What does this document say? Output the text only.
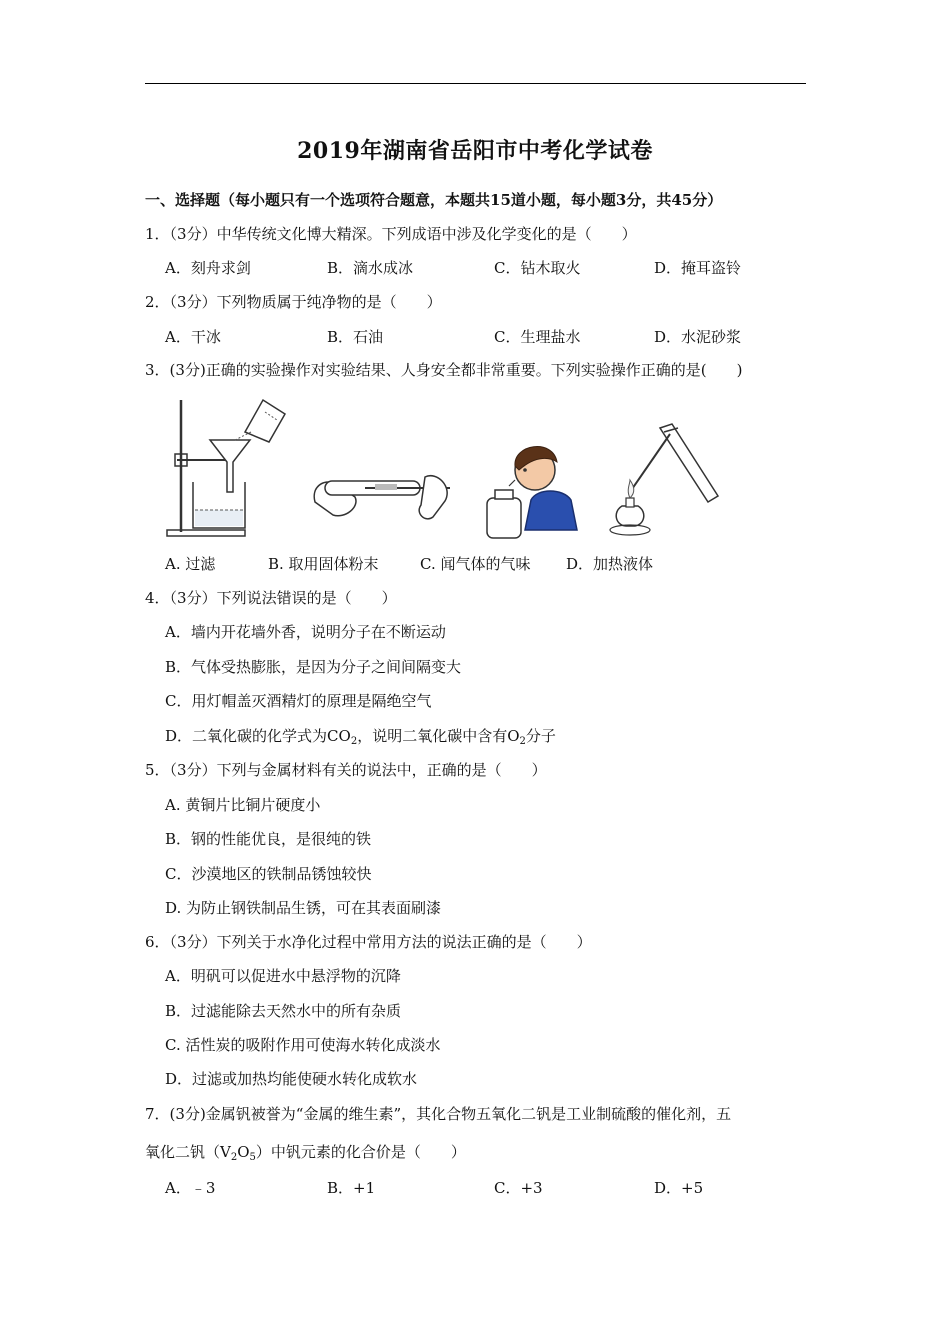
2019年湖南省岳阳市中考化学试卷
一、选择题（每小题只有一个选项符合题意，本题共15道小题，每小题3分，共45分）
1．（3分）中华传统文化博大精深。下列成语中涉及化学变化的是（　　）
A．刻舟求剑	B．滴水成冰	C．钻木取火	D．掩耳盗铃
2．（3分）下列物质属于纯净物的是（　　）
A．干冰	B．石油	C．生理盐水	D．水泥砂浆
3．(3分)正确的实验操作对实验结果、人身安全都非常重要。下列实验操作正确的是(　　)
A. 过滤	B. 取用固体粉末	C. 闻气体的气味 D．加热液体
4．（3分）下列说法错误的是（　　）
A．墙内开花墙外香，说明分子在不断运动
B．气体受热膨胀，是因为分子之间间隔变大
C．用灯帽盖灭酒精灯的原理是隔绝空气
D．二氧化碳的化学式为$CO_2$，说明二氧化碳中含有$O_2$分子
5．（3分）下列与金属材料有关的说法中，正确的是（　　）
A. 黄铜片比铜片硬度小
B．钢的性能优良，是很纯的铁
C．沙漠地区的铁制品锈蚀较快
D. 为防止钢铁制品生锈，可在其表面刷漆
6．（3分）下列关于水净化过程中常用方法的说法正确的是（　　）
A．明矾可以促进水中悬浮物的沉降
B．过滤能除去天然水中的所有杂质
C. 活性炭的吸附作用可使海水转化成淡水
D．过滤或加热均能使硬水转化成软水
7．(3分)金属钒被誉为“金属的维生素”，其化合物五氧化二钒是工业制硫酸的催化剂，五
氧化二钒$(V_2O_5)$中钒元素的化合价是（　　）
A．﹣3	B．+1	C．+3	D．+5
